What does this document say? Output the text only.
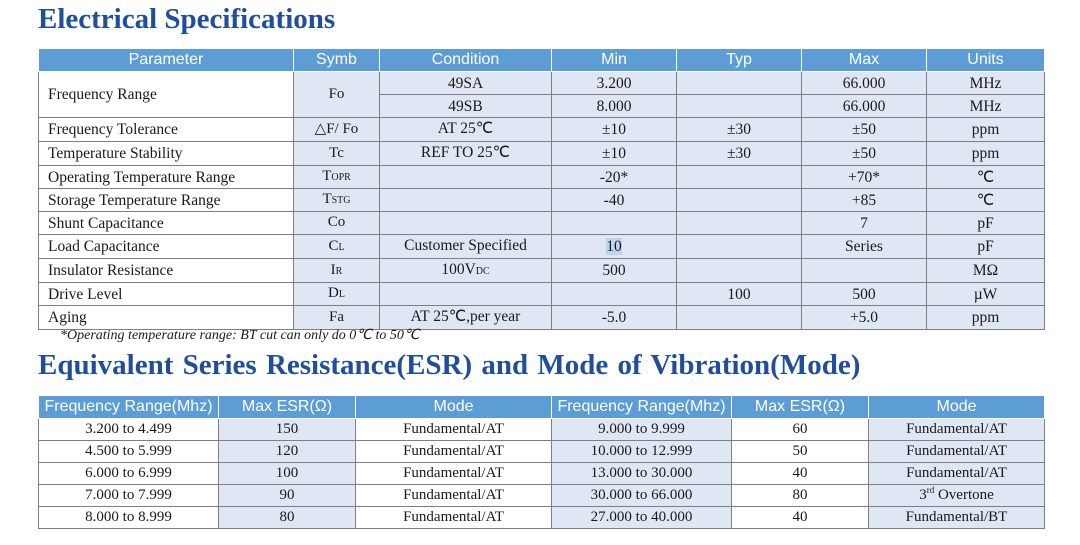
Electrical Specifications
Parameter	Symb	Condition	Min	Typ	Max	Units
Frequency Range	Fo	49SA	3.200		66.000	MHz
		49SB	8.000		66.000	MHz
Frequency Tolerance	△F/ Fo	AT 25℃	±10	±30	±50	ppm
Temperature Stability	Tc	REF TO 25℃	±10	±30	±50	ppm
Operating Temperature Range	TOPR		-20*		+70*	℃
Storage Temperature Range	TSTG		-40		+85	℃
Shunt Capacitance	Co				7	pF
Load Capacitance	CL	Customer Specified	10		Series	pF
Insulator Resistance	IR	100VDC	500			MΩ
Drive Level	DL			100	500	µW
Aging	Fa	AT 25℃,per year	-5.0		+5.0	ppm
*Operating temperature range: BT cut can only do 0℃ to 50℃
Equivalent Series Resistance(ESR) and Mode of Vibration(Mode)
Frequency Range(Mhz)	Max ESR(Ω)	Mode	Frequency Range(Mhz)	Max ESR(Ω)	Mode
3.200 to 4.499	150	Fundamental/AT	9.000 to 9.999	60	Fundamental/AT
4.500 to 5.999	120	Fundamental/AT	10.000 to 12.999	50	Fundamental/AT
6.000 to 6.999	100	Fundamental/AT	13.000 to 30.000	40	Fundamental/AT
7.000 to 7.999	90	Fundamental/AT	30.000 to 66.000	80	3rd Overtone
8.000 to 8.999	80	Fundamental/AT	27.000 to 40.000	40	Fundamental/BT
